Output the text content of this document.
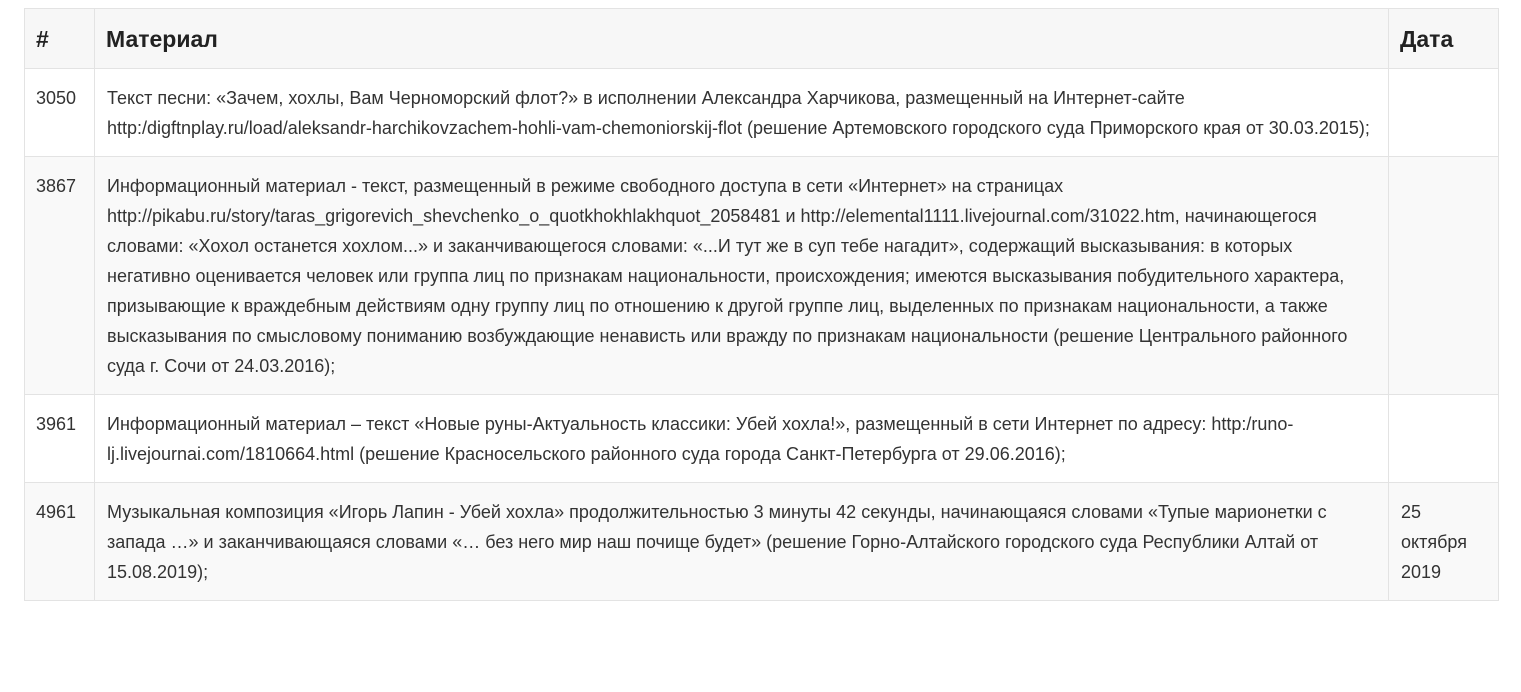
#	Материал	Дата
3050	Текст песни: «Зачем, хохлы, Вам Черноморский флот?» в исполнении Александра Харчикова, размещенный на Интернет-сайте http:/digftnplay.ru/load/aleksandr-harchikovzachem-hohli-vam-chemoniorskij-flot (решение Артемовского городского суда Приморского края от 30.03.2015);	
3867	Информационный материал - текст, размещенный в режиме свободного доступа в сети «Интернет» на страницах http://pikabu.ru/story/taras_grigorevich_shevchenko_o_quotkhokhlakhquot_2058481 и http://elemental1111.livejournal.com/31022.htm, начинающегося словами: «Хохол останется хохлом...» и заканчивающегося словами: «...И тут же в суп тебе нагадит», содержащий высказывания: в которых негативно оценивается человек или группа лиц по признакам национальности, происхождения; имеются высказывания побудительного характера, призывающие к враждебным действиям одну группу лиц по отношению к другой группе лиц, выделенных по признакам национальности, а также высказывания по смысловому пониманию возбуждающие ненависть или вражду по признакам национальности (решение Центрального районного суда г. Сочи от 24.03.2016);	
3961	Информационный материал – текст «Новые руны-Актуальность классики: Убей хохла!», размещенный в сети Интернет по адресу: http:/runo-lj.livejournai.com/1810664.html (решение Красносельского районного суда города Санкт-Петербурга от 29.06.2016);	
4961	Музыкальная композиция «Игорь Лапин - Убей хохла» продолжительностью 3 минуты 42 секунды, начинающаяся словами «Тупые марионетки с запада …» и заканчивающаяся словами «… без него мир наш почище будет» (решение Горно-Алтайского городского суда Республики Алтай от 15.08.2019);	25 октября 2019
